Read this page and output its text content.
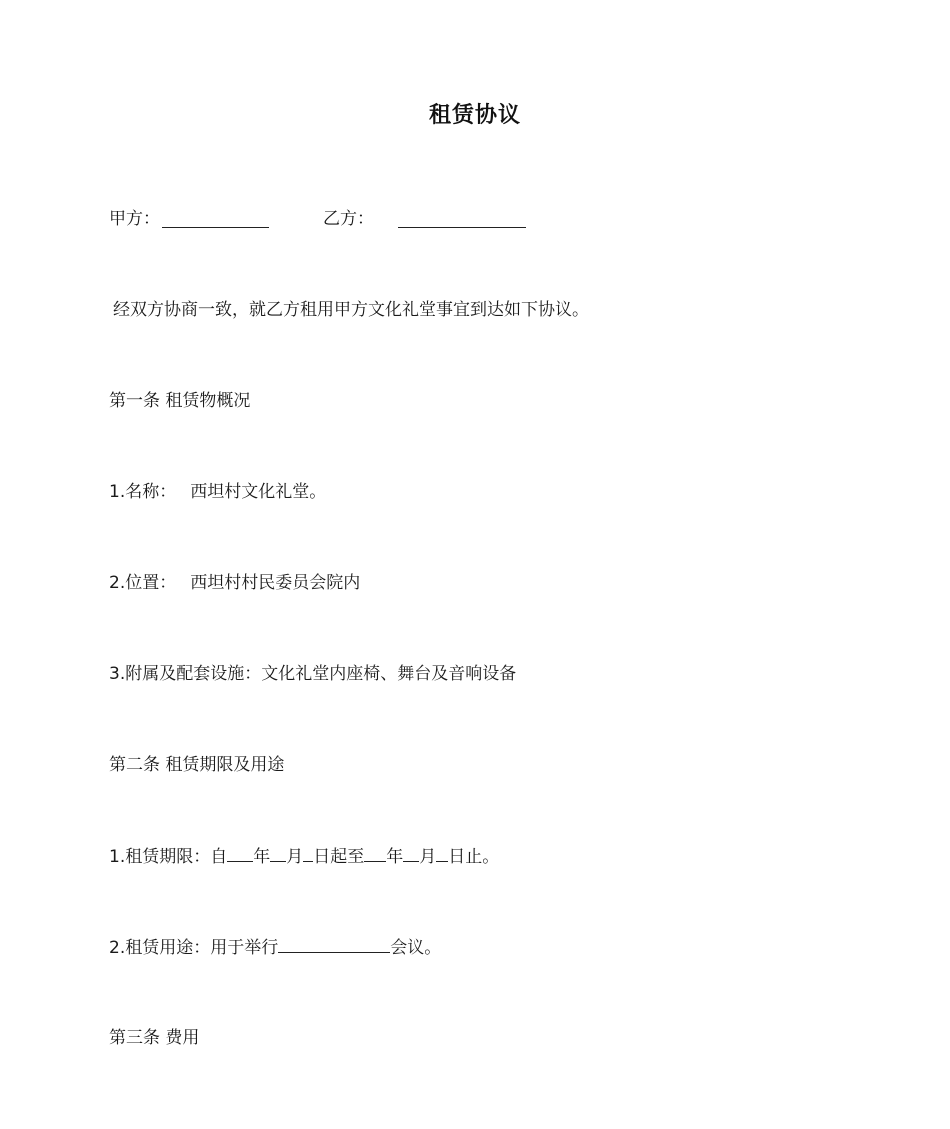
租赁协议
甲方：	乙方：
经双方协商一致，就乙方租用甲方文化礼堂事宜到达如下协议。
第一条 租赁物概况
1.名称： 西坦村文化礼堂。
2.位置： 西坦村村民委员会院内
3.附属及配套设施：文化礼堂内座椅、舞台及音响设备
第二条 租赁期限及用途
1.租赁期限：自 年 月 日起至 年 月 日止。
2.租赁用途：用于举行	会议。
第三条 费用
